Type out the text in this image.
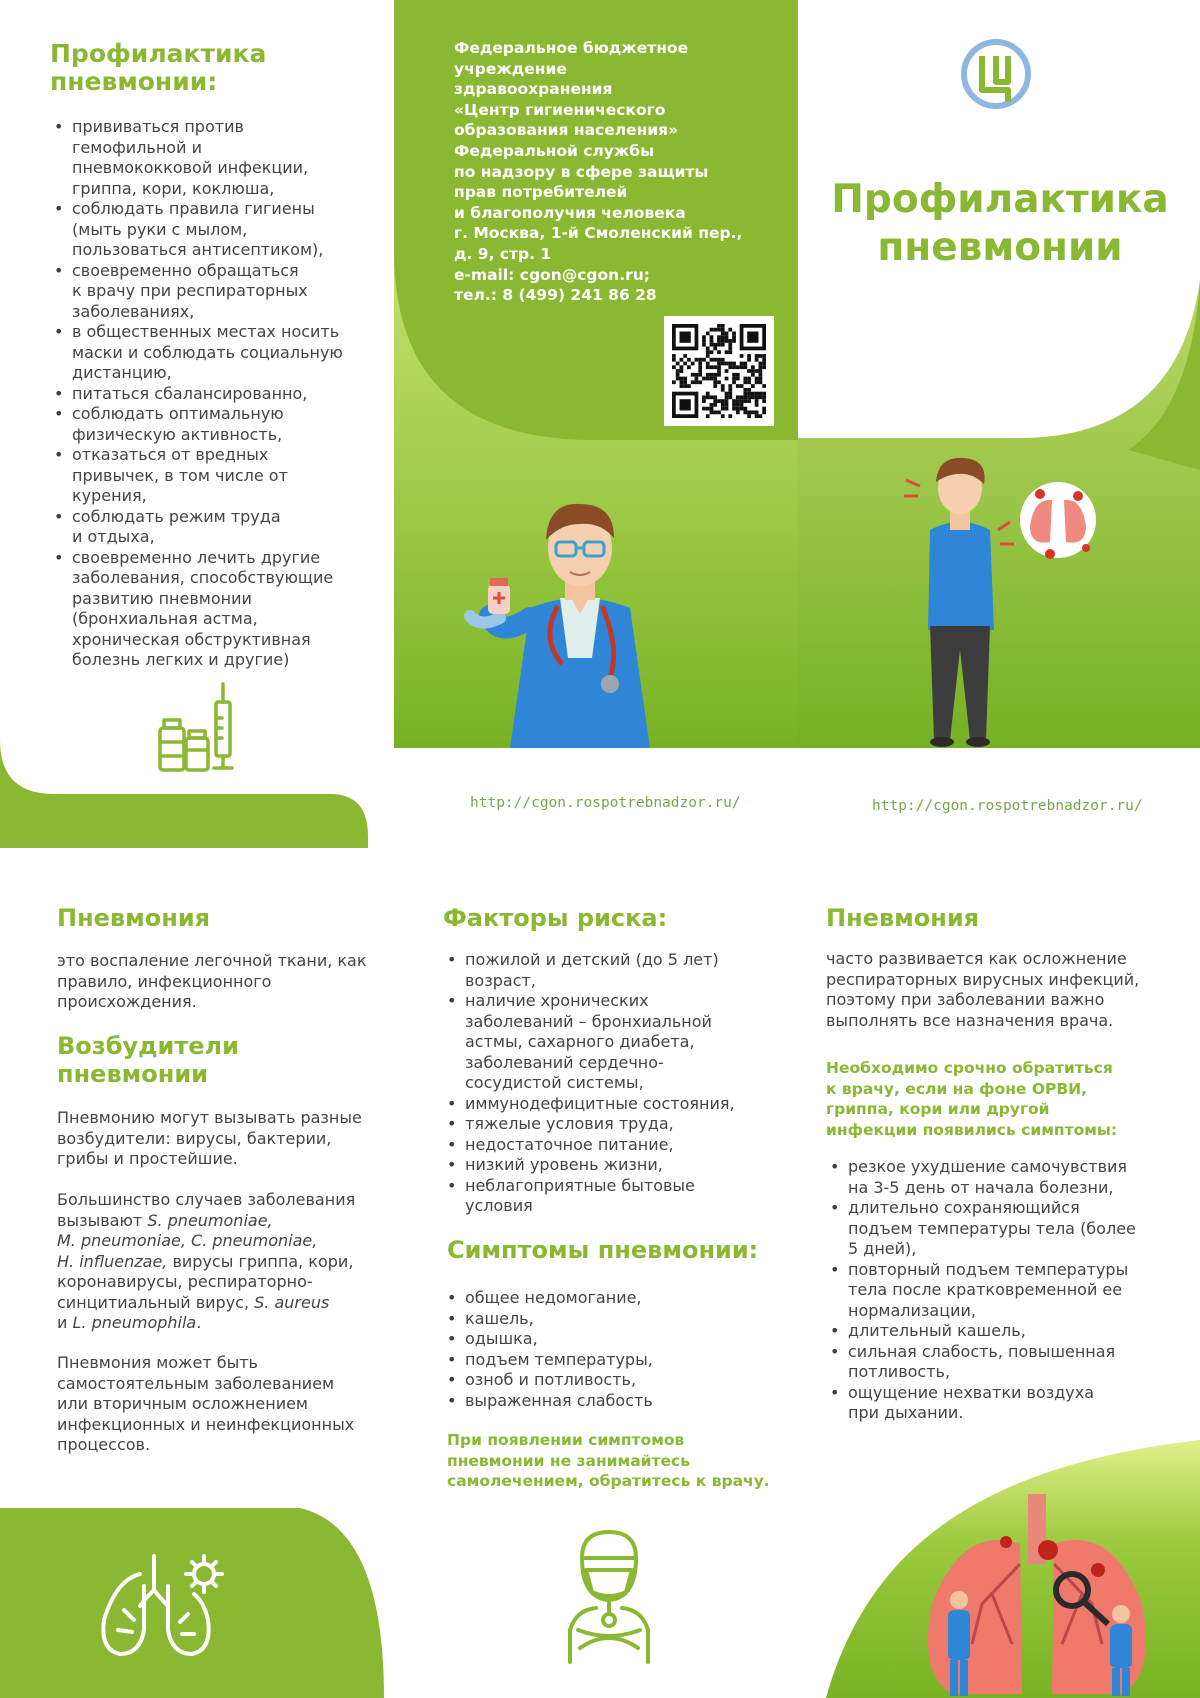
Профилактика
пневмонии:
• прививаться против
гемофильной и
пневмококковой инфекции,
гриппа, кори, коклюша,
• соблюдать правила гигиены
(мыть руки с мылом,
пользоваться антисептиком),
• своевременно обращаться
к врачу при респираторных
заболеваниях,
• в общественных местах носить
маски и соблюдать социальную
дистанцию,
• питаться сбалансированно,
• соблюдать оптимальную
физическую активность,
• отказаться от вредных
привычек, в том числе от
курения,
• соблюдать режим труда
и отдыха,
• своевременно лечить другие
заболевания, способствующие
развитию пневмонии
(бронхиальная астма,
хроническая обструктивная
болезнь легких и другие)
Федеральное бюджетное
учреждение
здравоохранения
«Центр гигиенического
образования населения»
Федеральной службы
по надзору в сфере защиты
прав потребителей
и благополучия человека
г. Москва, 1-й Смоленский пер.,
д. 9, стр. 1
e-mail: cgon@cgon.ru;
тел.: 8 (499) 241 86 28
Профилактика
пневмонии
http://cgon.rospotrebnadzor.ru/	http://cgon.rospotrebnadzor.ru/
Пневмония
это воспаление легочной ткани, как
правило, инфекционного
происхождения.
Возбудители
пневмонии
Пневмонию могут вызывать разные
возбудители: вирусы, бактерии,
грибы и простейшие.
Большинство случаев заболевания
вызывают S. pneumoniae,
M. pneumoniae, C. pneumoniae,
H. influenzae, вирусы гриппа, кори,
коронавирусы, респираторно-
синцитиальный вирус, S. aureus
и L. pneumophila.
Пневмония может быть
самостоятельным заболеванием
или вторичным осложнением
инфекционных и неинфекционных
процессов.
Факторы риска:
• пожилой и детский (до 5 лет)
возраст,
• наличие хронических
заболеваний – бронхиальной
астмы, сахарного диабета,
заболеваний сердечно-
сосудистой системы,
• иммунодефицитные состояния,
• тяжелые условия труда,
• недостаточное питание,
• низкий уровень жизни,
• неблагоприятные бытовые
условия
Симптомы пневмонии:
• общее недомогание,
• кашель,
• одышка,
• подъем температуры,
• озноб и потливость,
• выраженная слабость
При появлении симптомов
пневмонии не занимайтесь
самолечением, обратитесь к врачу.
Пневмония
часто развивается как осложнение
респираторных вирусных инфекций,
поэтому при заболевании важно
выполнять все назначения врача.
Необходимо срочно обратиться
к врачу, если на фоне ОРВИ,
гриппа, кори или другой
инфекции появились симптомы:
• резкое ухудшение самочувствия
на 3-5 день от начала болезни,
• длительно сохраняющийся
подъем температуры тела (более
5 дней),
• повторный подъем температуры
тела после кратковременной ее
нормализации,
• длительный кашель,
• сильная слабость, повышенная
потливость,
• ощущение нехватки воздуха
при дыхании.
